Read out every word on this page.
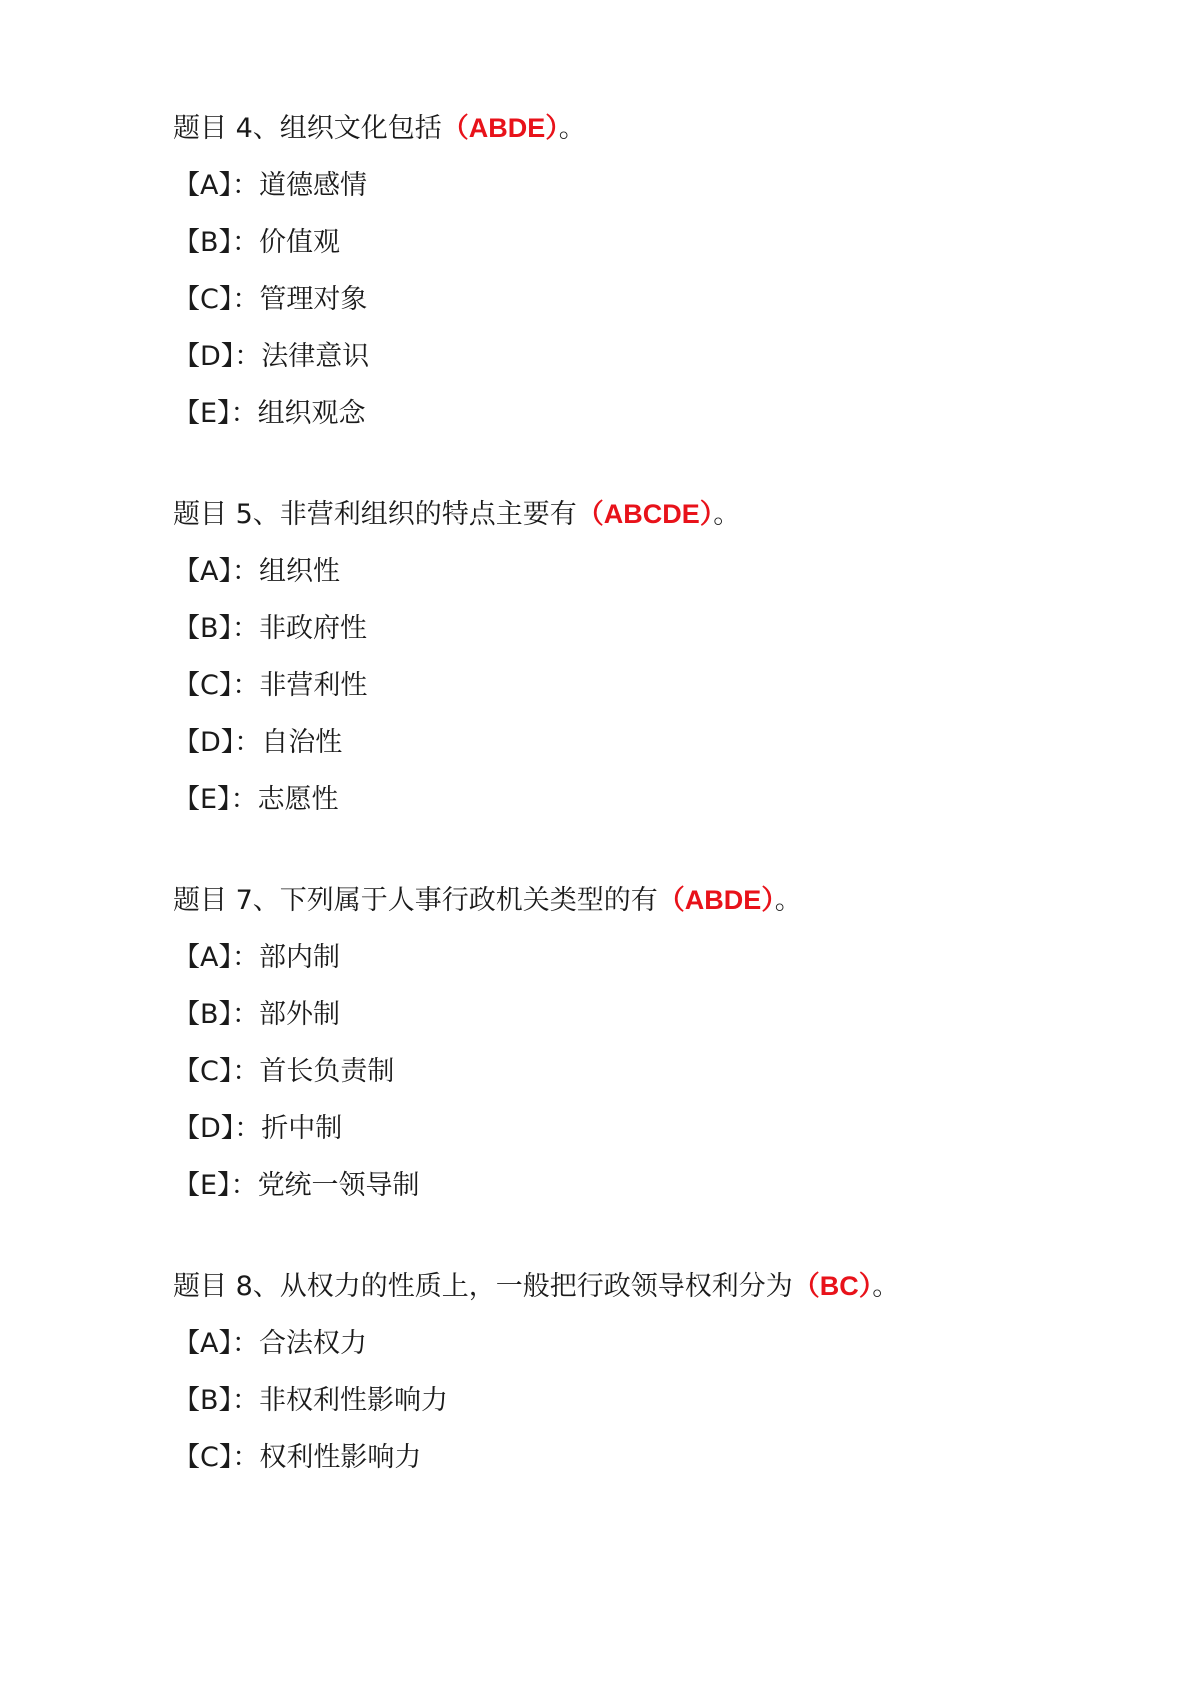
题目 4、组织文化包括（ABDE）。
【A】：道德感情
【B】：价值观
【C】：管理对象
【D】：法律意识
【E】：组织观念
题目 5、非营利组织的特点主要有（ABCDE）。
【A】：组织性
【B】：非政府性
【C】：非营利性
【D】：自治性
【E】：志愿性
题目 7、下列属于人事行政机关类型的有（ABDE）。
【A】：部内制
【B】：部外制
【C】：首长负责制
【D】：折中制
【E】：党统一领导制
题目 8、从权力的性质上，一般把行政领导权利分为（BC）。
【A】：合法权力
【B】：非权利性影响力
【C】：权利性影响力
